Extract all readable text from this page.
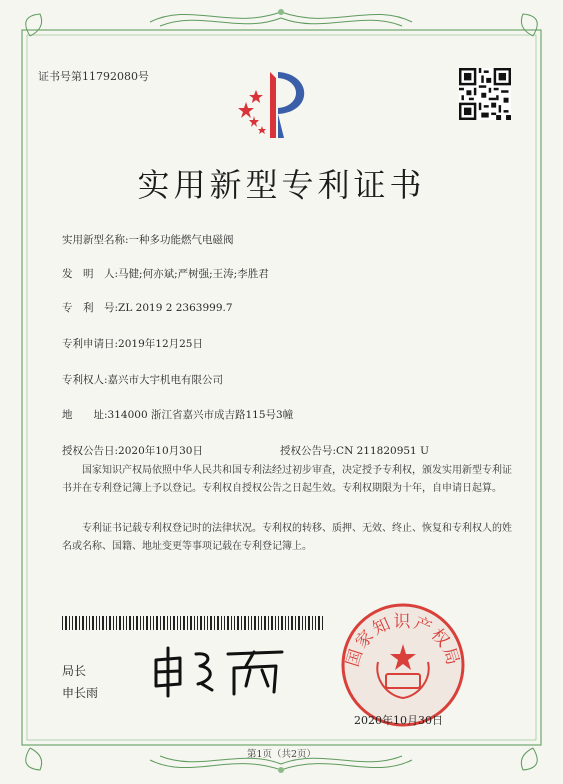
证书号第11792080号
实用新型专利证书
实用新型名称:一种多功能燃气电磁阀
发　明　人:马健;何亦斌;严树强;王涛;李胜君
专　利　号:ZL 2019 2 2363999.7
专利申请日:2019年12月25日
专利权人:嘉兴市大宇机电有限公司
地　　址:314000 浙江省嘉兴市成吉路115号3幢
授权公告日:2020年10月30日	授权公告号:CN 211820951 U
国家知识产权局依照中华人民共和国专利法经过初步审查，决定授予专利权，颁发实用新型专利证书并在专利登记簿上予以登记。专利权自授权公告之日起生效。专利权期限为十年，自申请日起算。
专利证书记载专利权登记时的法律状况。专利权的转移、质押、无效、终止、恢复和专利权人的姓名或名称、国籍、地址变更等事项记载在专利登记簿上。
局长
申长雨
国家知识产权局
2020年10月30日
第1页（共2页）
